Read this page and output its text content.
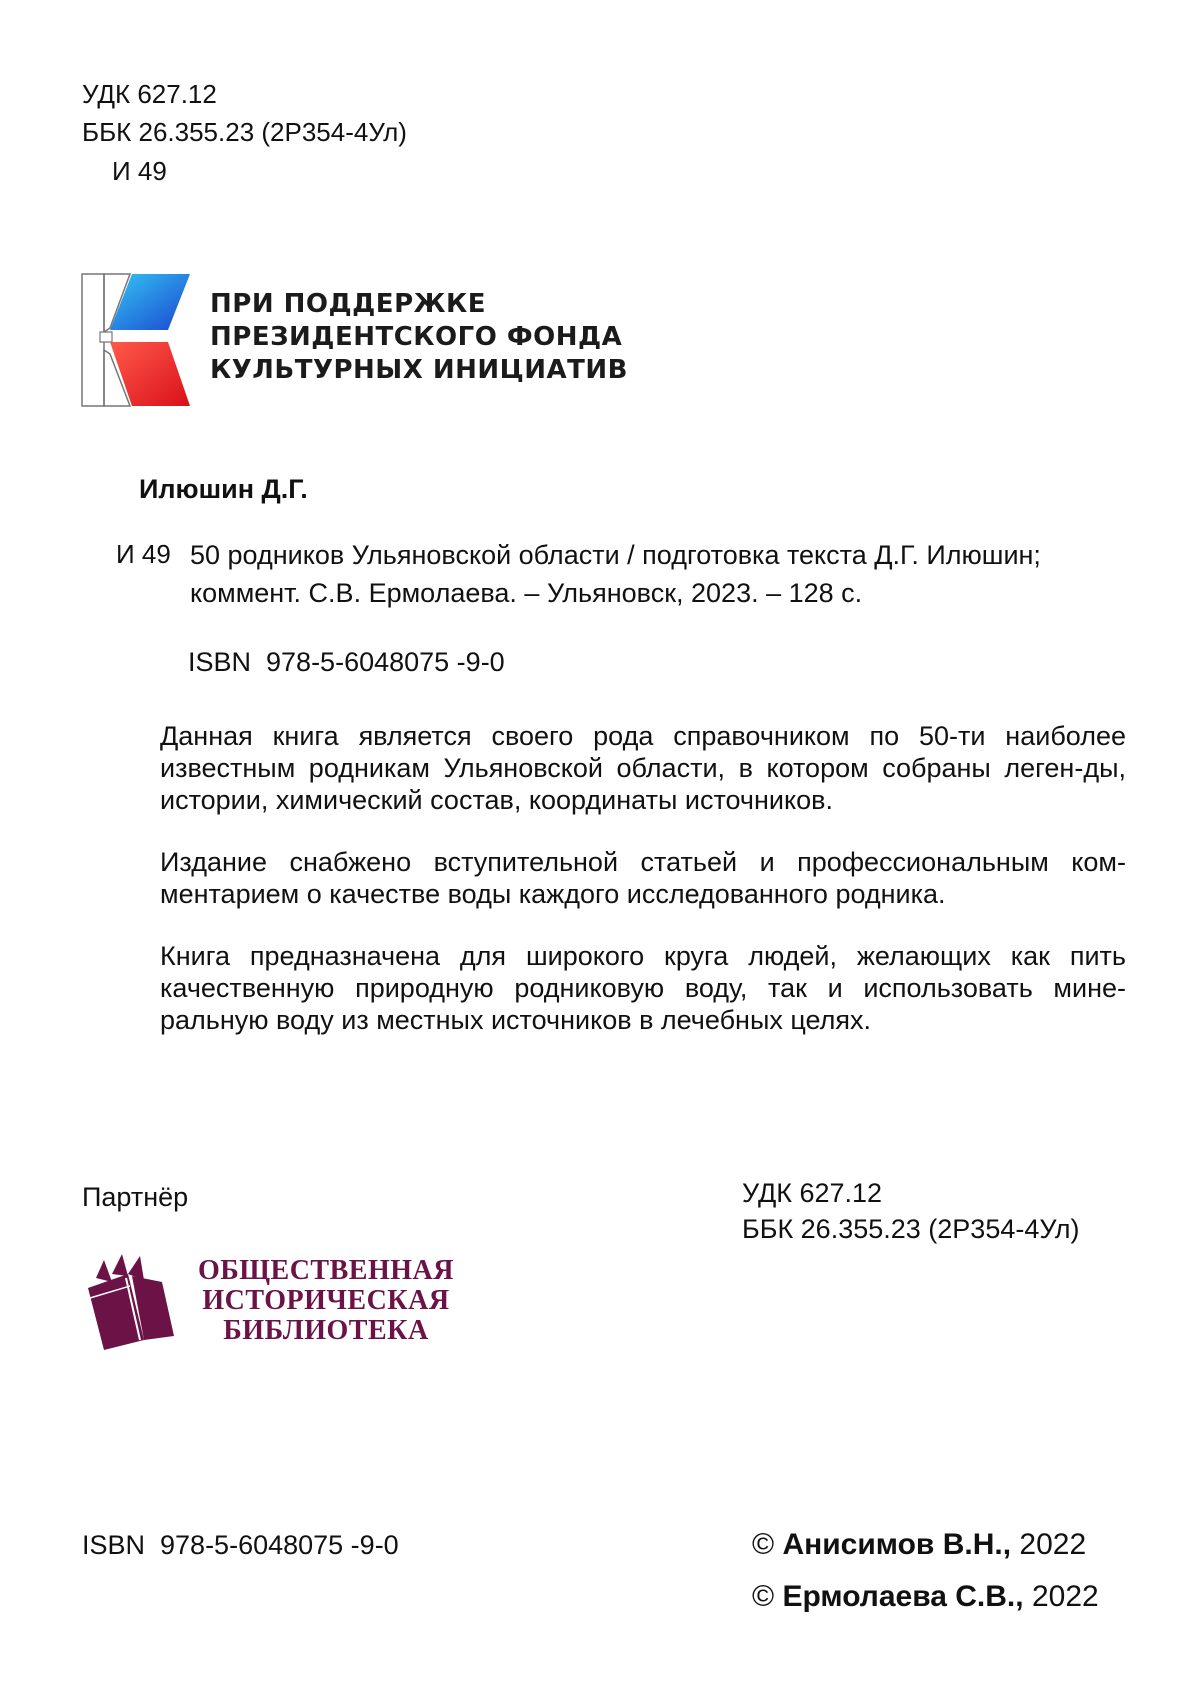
УДК 627.12
ББК 26.355.23 (2Р354-4Ул)
И 49
ПРИ ПОДДЕРЖКЕ
ПРЕЗИДЕНТСКОГО ФОНДА
КУЛЬТУРНЫХ ИНИЦИАТИВ
Илюшин Д.Г.
И 49 50 родников Ульяновской области / подготовка текста Д.Г. Илюшин;
коммент. С.В. Ермолаева. – Ульяновск, 2023. – 128 с.
ISBN  978-5-6048075 -9-0

Данная книга является своего рода справочником по 50-ти наиболее известным родникам Ульяновской области, в котором собраны леген-ды, истории, химический состав, координаты источников.

Издание снабжено вступительной статьей и профессиональным ком-ментарием о качестве воды каждого исследованного родника.

Книга предназначена для широкого круга людей, желающих как пить качественную природную родниковую воду, так и использовать мине-ральную воду из местных источников в лечебных целях.

Партнёр
ОБЩЕСТВЕННАЯ
ИСТОРИЧЕСКАЯ
БИБЛИОТЕКА
УДК 627.12
ББК 26.355.23 (2Р354-4Ул)
ISBN  978-5-6048075 -9-0	© Анисимов В.Н., 2022
© Ермолаева С.В., 2022
